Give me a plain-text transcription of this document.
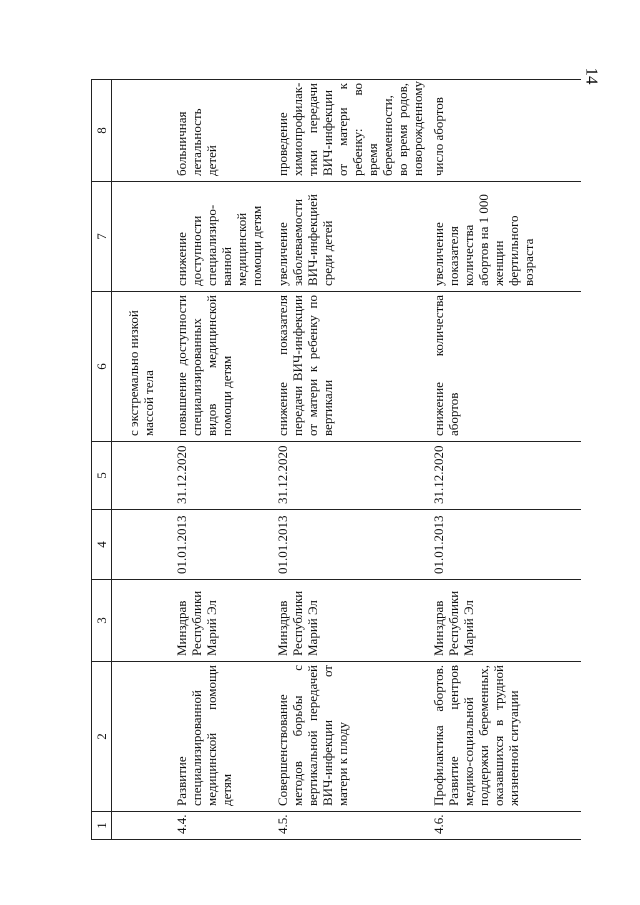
14
1	2	3	4	5	6	7	8
					с экстремально низкой массой тела		
4.4.	Развитие специализированной медицинской помощи детям	Минздрав Республики Марий Эл	01.01.2013	31.12.2020	повышение доступности специализированных видов медицинской помощи детям	снижение доступности специализиро-ванной медицинской помощи детям	больничная летальность детей
4.5.	Совершенствование методов борьбы с вертикальной передачей ВИЧ-инфекции от матери к плоду	Минздрав Республики Марий Эл	01.01.2013	31.12.2020	снижение показателя передачи ВИЧ-инфекции от матери к ребенку по вертикали	увеличение заболеваемости ВИЧ-инфекцией среди детей	проведение химиопрофилак-тики передачи ВИЧ-инфекции от матери к ребенку: во время беременности, во время родов, новорожденному
4.6.	Профилактика абортов. Развитие центров медико-социальной поддержки беременных, оказавшихся в трудной жизненной ситуации	Минздрав Республики Марий Эл	01.01.2013	31.12.2020	снижение количества абортов	увеличение показателя количества абортов на 1 000 женщин фертильного возраста	число абортов
